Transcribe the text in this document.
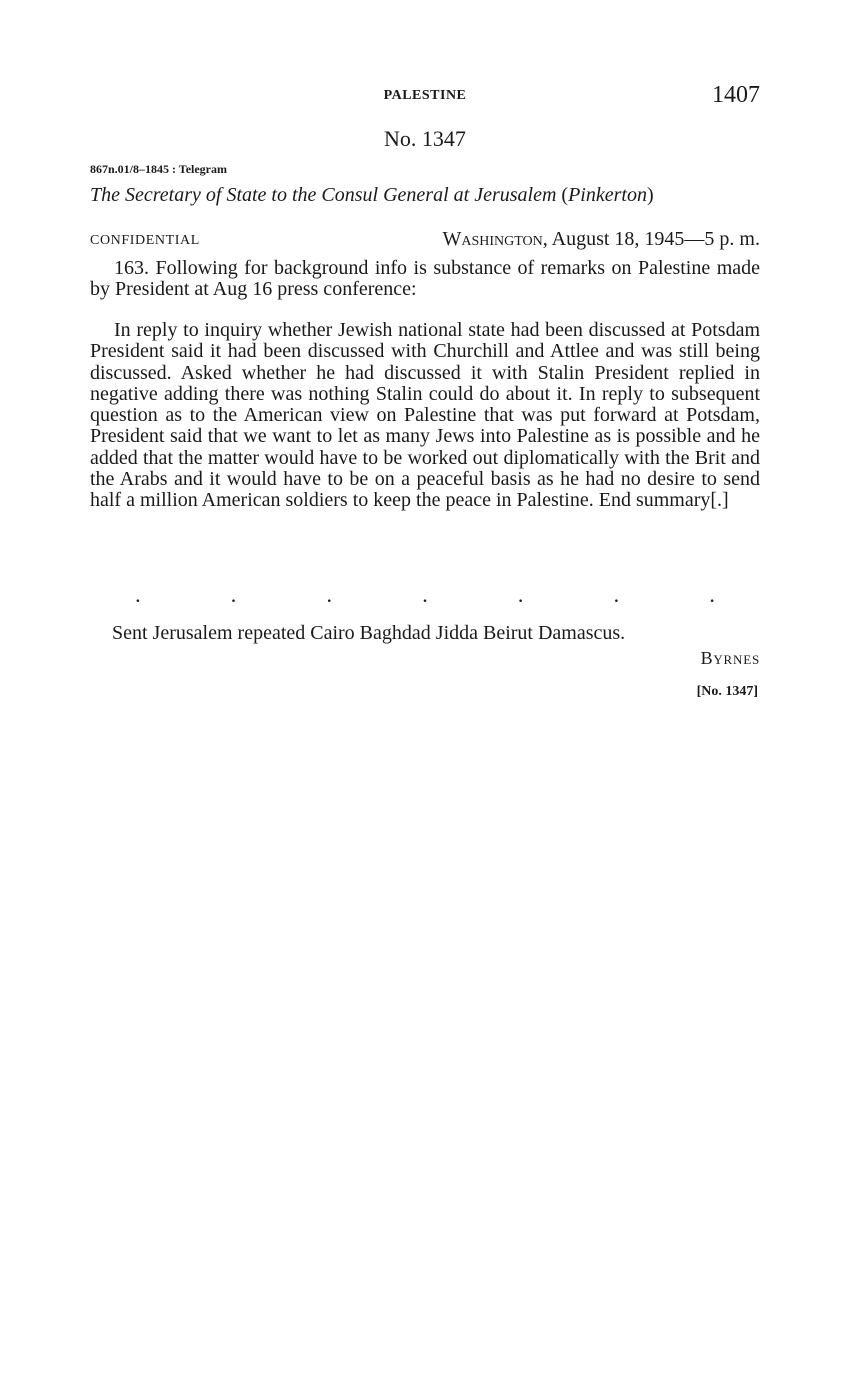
PALESTINE	1407
No. 1347
867n.01/8–1845 : Telegram
The Secretary of State to the Consul General at Jerusalem (Pinkerton)
CONFIDENTIAL	Washington, August 18, 1945—5 p. m.
163. Following for background info is substance of remarks on Palestine made by President at Aug 16 press conference:
In reply to inquiry whether Jewish national state had been discussed at Potsdam President said it had been discussed with Churchill and Attlee and was still being discussed. Asked whether he had discussed it with Stalin President replied in negative adding there was nothing Stalin could do about it. In reply to subsequent question as to the American view on Palestine that was put forward at Potsdam, President said that we want to let as many Jews into Palestine as is possible and he added that the matter would have to be worked out diplomatically with the Brit and the Arabs and it would have to be on a peaceful basis as he had no desire to send half a million American soldiers to keep the peace in Palestine. End summary[.]
.	.	.	.	.	.	.
Sent Jerusalem repeated Cairo Baghdad Jidda Beirut Damascus.
Byrnes
[No. 1347]
